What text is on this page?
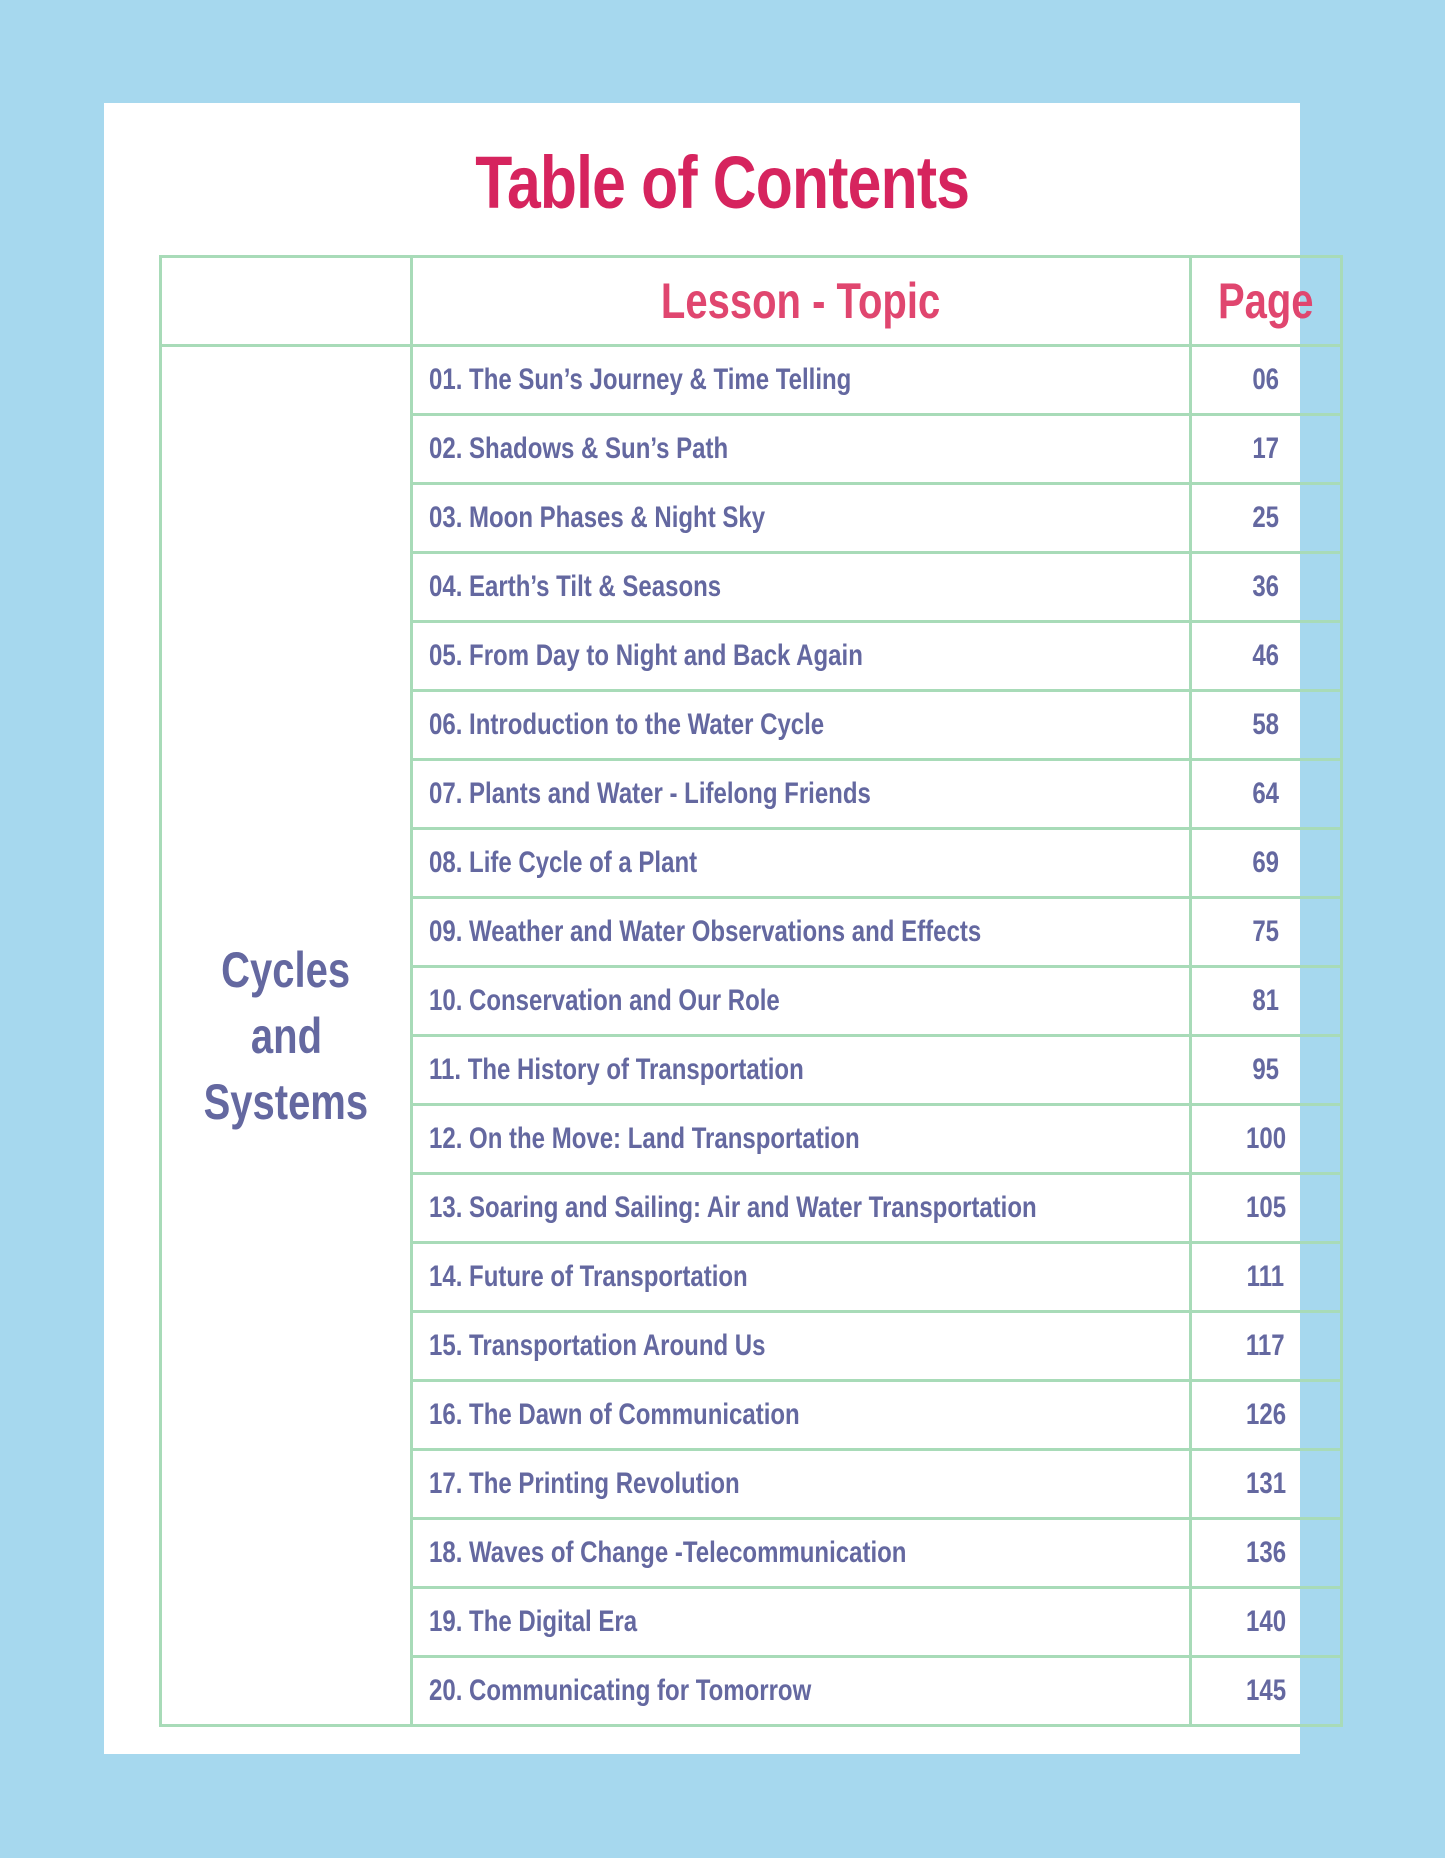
Table of Contents
	Lesson - Topic	Page
Cycles
and
Systems	01. The Sun’s Journey & Time Telling	06
	02. Shadows & Sun’s Path	17
	03. Moon Phases & Night Sky	25
	04. Earth’s Tilt & Seasons	36
	05. From Day to Night and Back Again	46
	06. Introduction to the Water Cycle	58
	07. Plants and Water - Lifelong Friends	64
	08. Life Cycle of a Plant	69
	09. Weather and Water Observations and Effects	75
	10. Conservation and Our Role	81
	11. The History of Transportation	95
	12. On the Move: Land Transportation	100
	13. Soaring and Sailing: Air and Water Transportation	105
	14. Future of Transportation	111
	15. Transportation Around Us	117
	16. The Dawn of Communication	126
	17. The Printing Revolution	131
	18. Waves of Change -Telecommunication	136
	19. The Digital Era	140
	20. Communicating for Tomorrow	145
